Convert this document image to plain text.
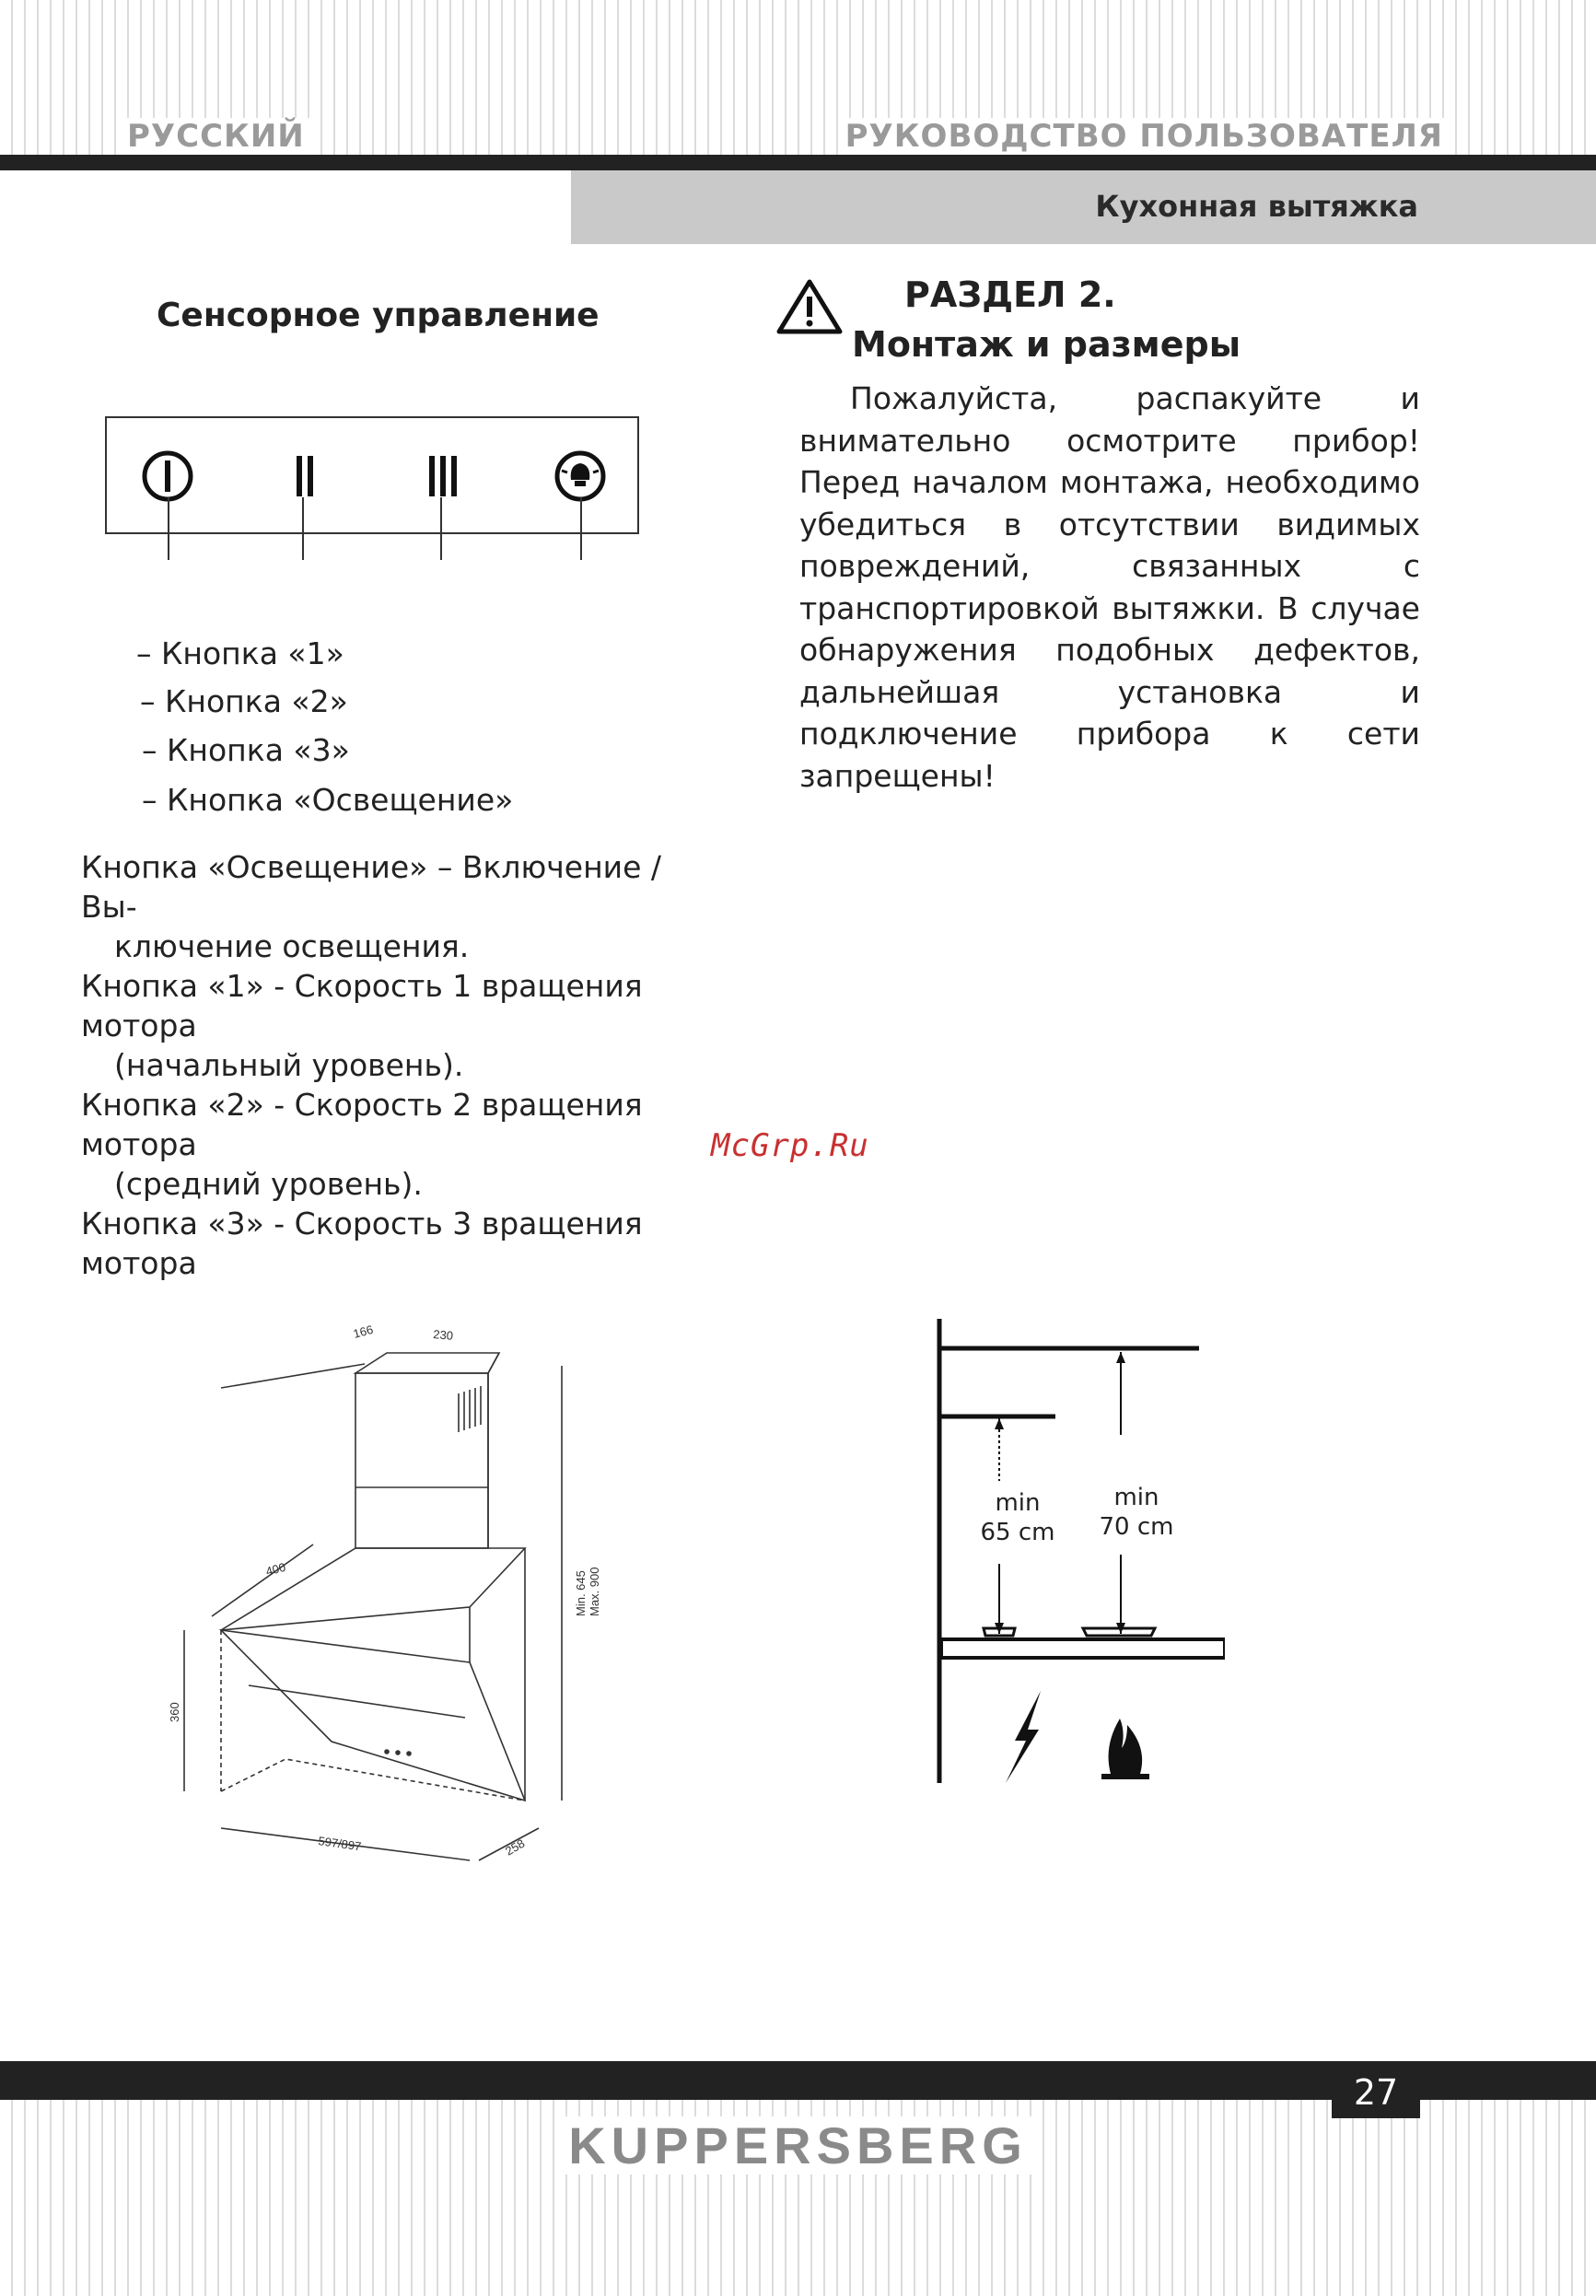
РУССКИЙ	РУКОВОДСТВО ПОЛЬЗОВАТЕЛЯ
Кухонная вытяжка
Сенсорное управление
– Кнопка «1»
– Кнопка «2»
– Кнопка «3»
– Кнопка «Освещение»
Кнопка «Освещение» – Включение / Вы-
ключение освещения.
Кнопка «1» - Скорость 1 вращения мотора
(начальный уровень).
Кнопка «2» - Скорость 2 вращения мотора
(средний уровень).
Кнопка «3» - Скорость 3 вращения мотора
РАЗДЕЛ 2.
Монтаж и размеры
Пожалуйста, распакуйте и внимательно осмотрите прибор! Перед началом монтажа, необходимо убедиться в отсутствии видимых повреждений, связанных с транспортировкой вытяжки. В случае обнаружения подобных дефектов, дальнейшая установка и подключение прибора к сети запрещены!
McGrp.Ru
166	230
400
360
597/897	258
Min. 645 Max. 900
min
65 cm
min
70 cm
27
KUPPERSBERG
